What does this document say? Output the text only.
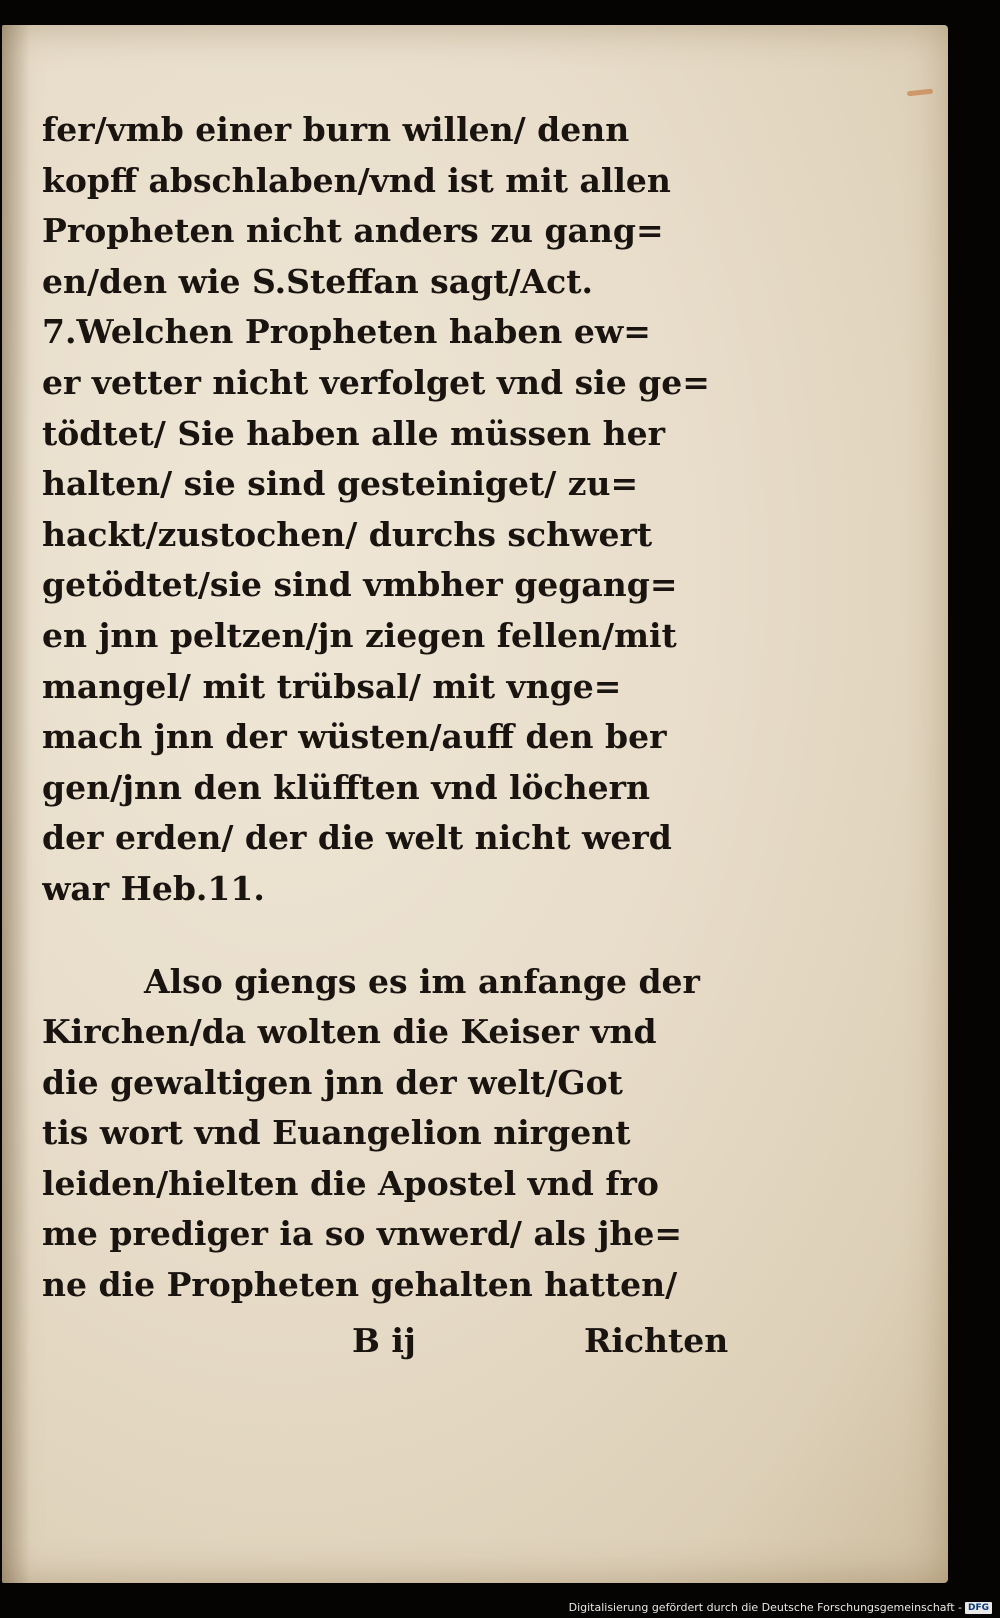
fer/vmb einer burn willen/ denn
kopff abschlaben/vnd ist mit allen
Propheten nicht anders zu gang=
en/den wie S.Steffan sagt/Act.
7.Welchen Propheten haben ew=
er vetter nicht verfolget vnd sie ge=
tödtet/ Sie haben alle müssen her
halten/ sie sind gesteiniget/ zu=
hackt/zustochen/ durchs schwert
getödtet/sie sind vmbher gegang=
en jnn peltzen/jn ziegen fellen/mit
mangel/ mit trübsal/ mit vnge=
mach jnn der wüsten/auff den ber
gen/jnn den klüfften vnd löchern
der erden/ der die welt nicht werd
war Heb.11.
Also giengs es im anfange der
Kirchen/da wolten die Keiser vnd
die gewaltigen jnn der welt/Got
tis wort vnd Euangelion nirgent
leiden/hielten die Apostel vnd fro
me prediger ia so vnwerd/ als jhe=
ne die Propheten gehalten hatten/
B ij	Richten
Digitalisierung gefördert durch die Deutsche Forschungsgemeinschaft - DFG
